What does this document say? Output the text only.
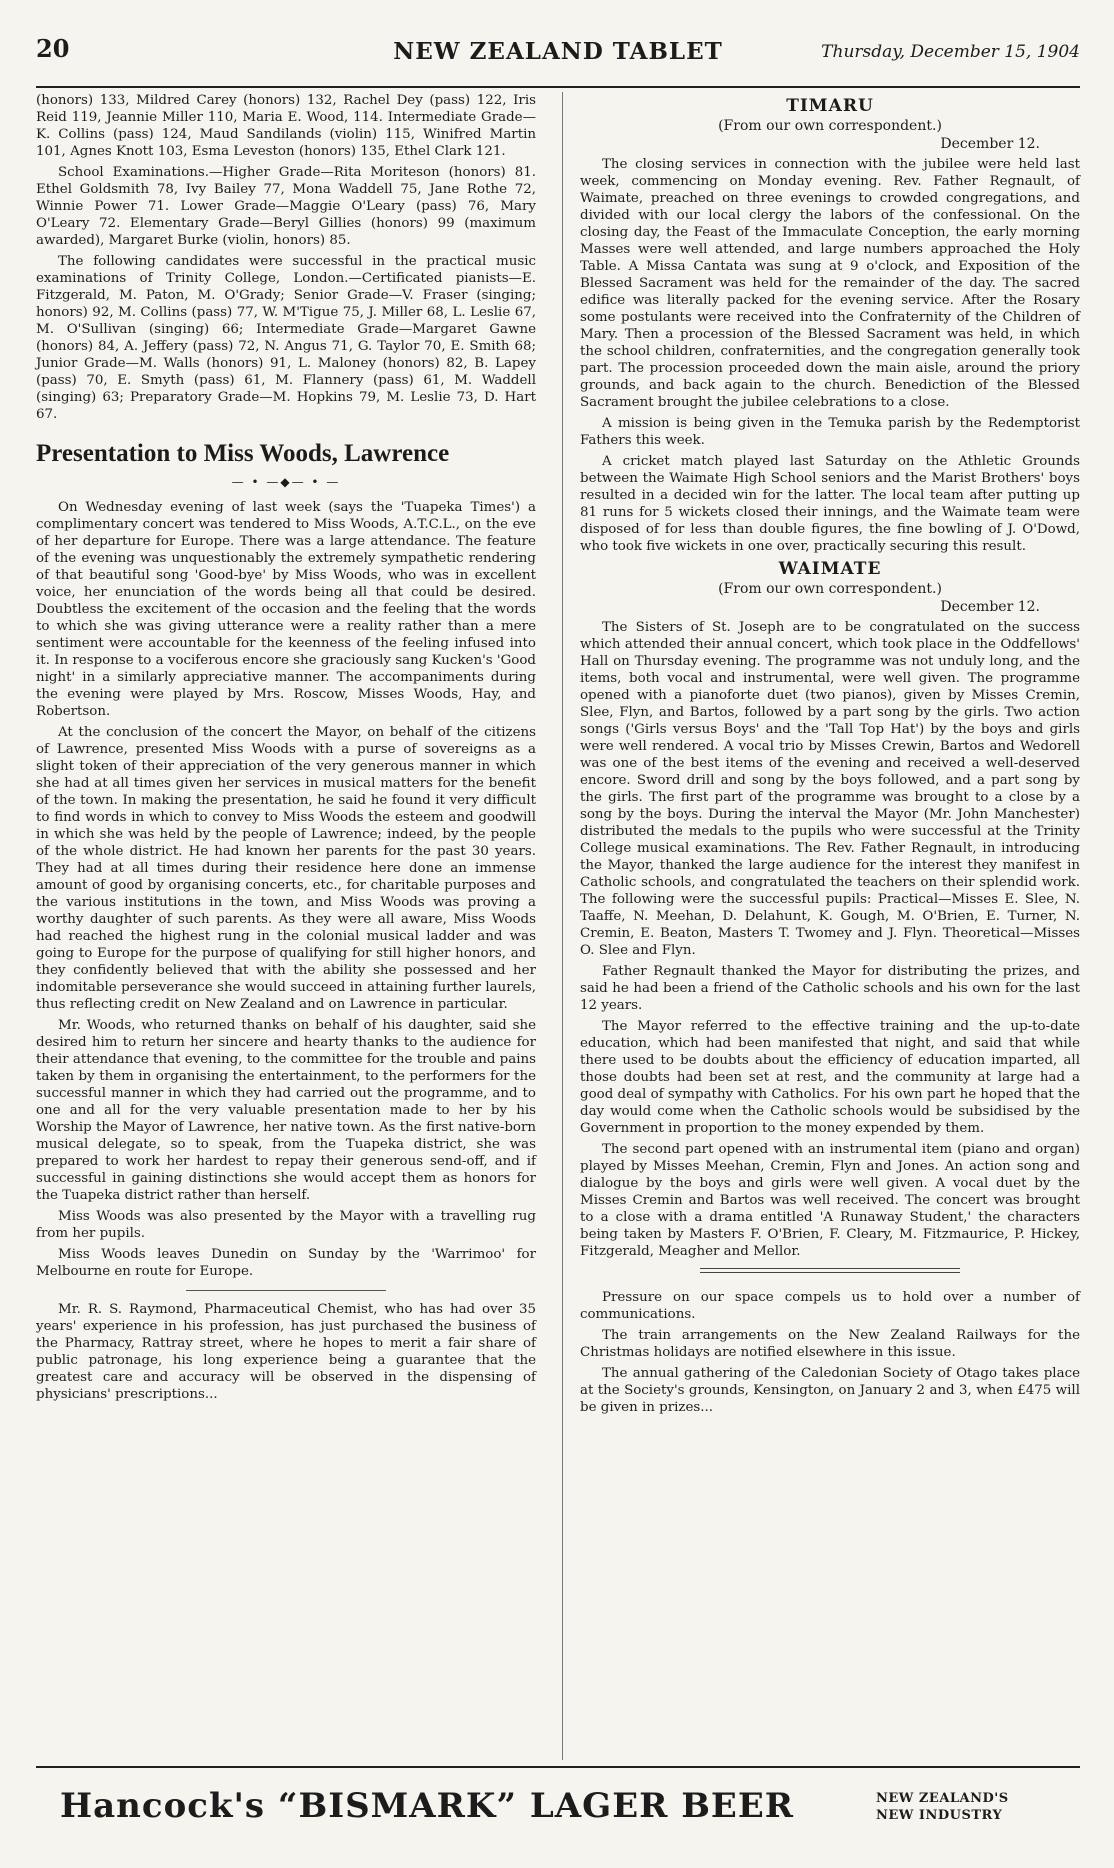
20	NEW ZEALAND TABLET	Thursday, December 15, 1904

(honors) 133, Mildred Carey (honors) 132, Rachel Dey (pass) 122, Iris Reid 119, Jeannie Miller 110, Maria E. Wood, 114. Intermediate Grade—K. Collins (pass) 124, Maud Sandilands (violin) 115, Winifred Martin 101, Agnes Knott 103, Esma Leveston (honors) 135, Ethel Clark 121.

School Examinations.—Higher Grade—Rita Moriteson (honors) 81. Ethel Goldsmith 78, Ivy Bailey 77, Mona Waddell 75, Jane Rothe 72, Winnie Power 71. Lower Grade—Maggie O'Leary (pass) 76, Mary O'Leary 72. Elementary Grade—Beryl Gillies (honors) 99 (maximum awarded), Margaret Burke (violin, honors) 85.

The following candidates were successful in the practical music examinations of Trinity College, London.—Certificated pianists—E. Fitzgerald, M. Paton, M. O'Grady; Senior Grade—V. Fraser (singing; honors) 92, M. Collins (pass) 77, W. M'Tigue 75, J. Miller 68, L. Leslie 67, M. O'Sullivan (singing) 66; Intermediate Grade—Margaret Gawne (honors) 84, A. Jeffery (pass) 72, N. Angus 71, G. Taylor 70, E. Smith 68; Junior Grade—M. Walls (honors) 91, L. Maloney (honors) 82, B. Lapey (pass) 70, E. Smyth (pass) 61, M. Flannery (pass) 61, M. Waddell (singing) 63; Preparatory Grade—M. Hopkins 79, M. Leslie 73, D. Hart 67.

Presentation to Miss Woods, Lawrence
— • —◆— • —

On Wednesday evening of last week (says the 'Tuapeka Times') a complimentary concert was tendered to Miss Woods, A.T.C.L., on the eve of her departure for Europe. There was a large attendance. The feature of the evening was unquestionably the extremely sympathetic rendering of that beautiful song 'Good-bye' by Miss Woods, who was in excellent voice, her enunciation of the words being all that could be desired. Doubtless the excitement of the occasion and the feeling that the words to which she was giving utterance were a reality rather than a mere sentiment were accountable for the keenness of the feeling infused into it. In response to a vociferous encore she graciously sang Kucken's 'Good night' in a similarly appreciative manner. The accompaniments during the evening were played by Mrs. Roscow, Misses Woods, Hay, and Robertson.

At the conclusion of the concert the Mayor, on behalf of the citizens of Lawrence, presented Miss Woods with a purse of sovereigns as a slight token of their appreciation of the very generous manner in which she had at all times given her services in musical matters for the benefit of the town. In making the presentation, he said he found it very difficult to find words in which to convey to Miss Woods the esteem and goodwill in which she was held by the people of Lawrence; indeed, by the people of the whole district. He had known her parents for the past 30 years. They had at all times during their residence here done an immense amount of good by organising concerts, etc., for charitable purposes and the various institutions in the town, and Miss Woods was proving a worthy daughter of such parents. As they were all aware, Miss Woods had reached the highest rung in the colonial musical ladder and was going to Europe for the purpose of qualifying for still higher honors, and they confidently believed that with the ability she possessed and her indomitable perseverance she would succeed in attaining further laurels, thus reflecting credit on New Zealand and on Lawrence in particular.

Mr. Woods, who returned thanks on behalf of his daughter, said she desired him to return her sincere and hearty thanks to the audience for their attendance that evening, to the committee for the trouble and pains taken by them in organising the entertainment, to the performers for the successful manner in which they had carried out the programme, and to one and all for the very valuable presentation made to her by his Worship the Mayor of Lawrence, her native town. As the first native-born musical delegate, so to speak, from the Tuapeka district, she was prepared to work her hardest to repay their generous send-off, and if successful in gaining distinctions she would accept them as honors for the Tuapeka district rather than herself.

Miss Woods was also presented by the Mayor with a travelling rug from her pupils.

Miss Woods leaves Dunedin on Sunday by the 'Warrimoo' for Melbourne en route for Europe.

Mr. R. S. Raymond, Pharmaceutical Chemist, who has had over 35 years' experience in his profession, has just purchased the business of the Pharmacy, Rattray street, where he hopes to merit a fair share of public patronage, his long experience being a guarantee that the greatest care and accuracy will be observed in the dispensing of physicians' prescriptions...

TIMARU
(From our own correspondent.)
December 12.

The closing services in connection with the jubilee were held last week, commencing on Monday evening. Rev. Father Regnault, of Waimate, preached on three evenings to crowded congregations, and divided with our local clergy the labors of the confessional. On the closing day, the Feast of the Immaculate Conception, the early morning Masses were well attended, and large numbers approached the Holy Table. A Missa Cantata was sung at 9 o'clock, and Exposition of the Blessed Sacrament was held for the remainder of the day. The sacred edifice was literally packed for the evening service. After the Rosary some postulants were received into the Confraternity of the Children of Mary. Then a procession of the Blessed Sacrament was held, in which the school children, confraternities, and the congregation generally took part. The procession proceeded down the main aisle, around the priory grounds, and back again to the church. Benediction of the Blessed Sacrament brought the jubilee celebrations to a close.

A mission is being given in the Temuka parish by the Redemptorist Fathers this week.

A cricket match played last Saturday on the Athletic Grounds between the Waimate High School seniors and the Marist Brothers' boys resulted in a decided win for the latter. The local team after putting up 81 runs for 5 wickets closed their innings, and the Waimate team were disposed of for less than double figures, the fine bowling of J. O'Dowd, who took five wickets in one over, practically securing this result.

WAIMATE
(From our own correspondent.)
December 12.

The Sisters of St. Joseph are to be congratulated on the success which attended their annual concert, which took place in the Oddfellows' Hall on Thursday evening. The programme was not unduly long, and the items, both vocal and instrumental, were well given. The programme opened with a pianoforte duet (two pianos), given by Misses Cremin, Slee, Flyn, and Bartos, followed by a part song by the girls. Two action songs ('Girls versus Boys' and the 'Tall Top Hat') by the boys and girls were well rendered. A vocal trio by Misses Crewin, Bartos and Wedorell was one of the best items of the evening and received a well-deserved encore. Sword drill and song by the boys followed, and a part song by the girls. The first part of the programme was brought to a close by a song by the boys. During the interval the Mayor (Mr. John Manchester) distributed the medals to the pupils who were successful at the Trinity College musical examinations. The Rev. Father Regnault, in introducing the Mayor, thanked the large audience for the interest they manifest in Catholic schools, and congratulated the teachers on their splendid work. The following were the successful pupils: Practical—Misses E. Slee, N. Taaffe, N. Meehan, D. Delahunt, K. Gough, M. O'Brien, E. Turner, N. Cremin, E. Beaton, Masters T. Twomey and J. Flyn. Theoretical—Misses O. Slee and Flyn.

Father Regnault thanked the Mayor for distributing the prizes, and said he had been a friend of the Catholic schools and his own for the last 12 years.

The Mayor referred to the effective training and the up-to-date education, which had been manifested that night, and said that while there used to be doubts about the efficiency of education imparted, all those doubts had been set at rest, and the community at large had a good deal of sympathy with Catholics. For his own part he hoped that the day would come when the Catholic schools would be subsidised by the Government in proportion to the money expended by them.

The second part opened with an instrumental item (piano and organ) played by Misses Meehan, Cremin, Flyn and Jones. An action song and dialogue by the boys and girls were well given. A vocal duet by the Misses Cremin and Bartos was well received. The concert was brought to a close with a drama entitled 'A Runaway Student,' the characters being taken by Masters F. O'Brien, F. Cleary, M. Fitzmaurice, P. Hickey, Fitzgerald, Meagher and Mellor.

Pressure on our space compels us to hold over a number of communications.

The train arrangements on the New Zealand Railways for the Christmas holidays are notified elsewhere in this issue.

The annual gathering of the Caledonian Society of Otago takes place at the Society's grounds, Kensington, on January 2 and 3, when £475 will be given in prizes...

Hancock's “BISMARK” LAGER BEER	NEW ZEALAND'S
NEW INDUSTRY
